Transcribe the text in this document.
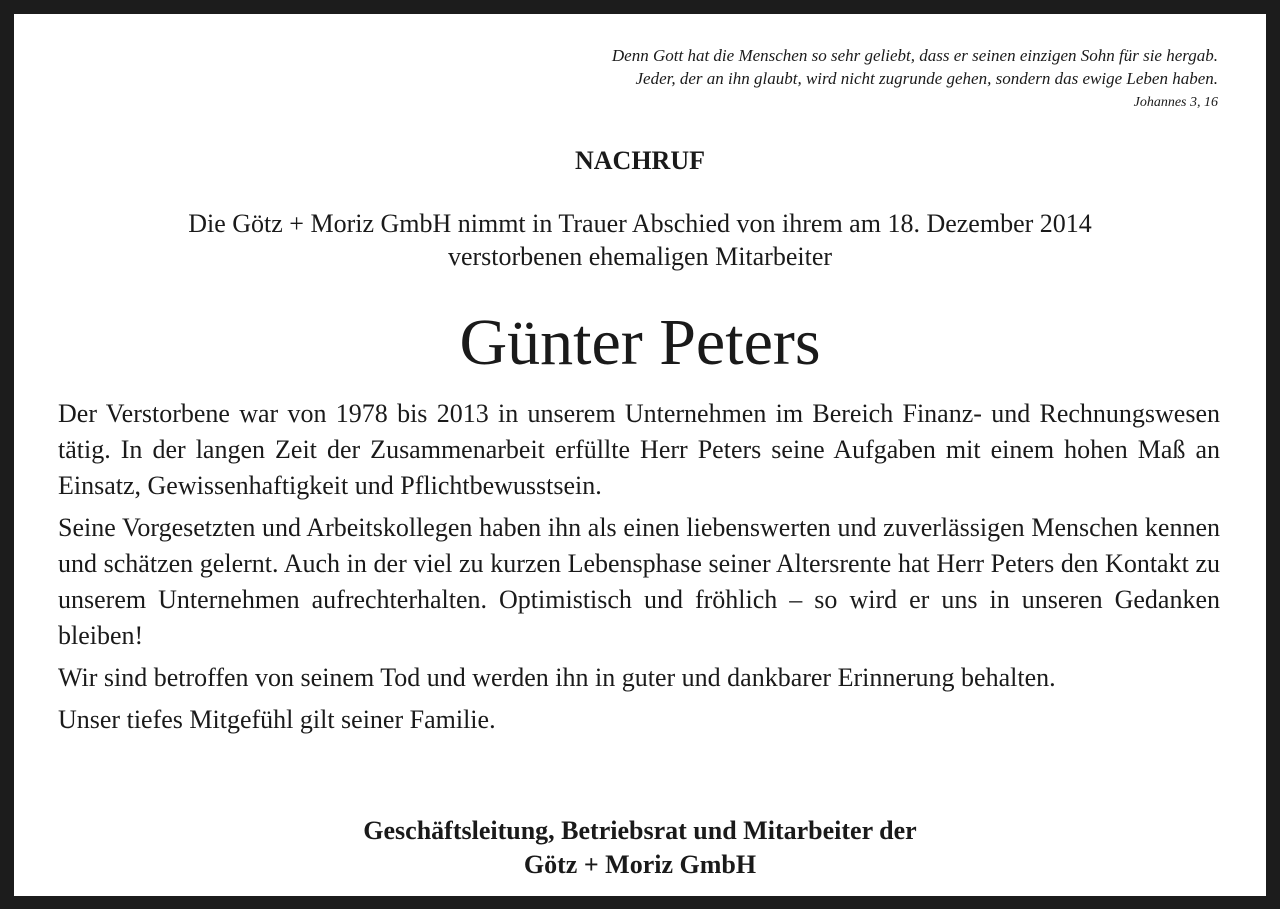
Denn Gott hat die Menschen so sehr geliebt, dass er seinen einzigen Sohn für sie hergab.
Jeder, der an ihn glaubt, wird nicht zugrunde gehen, sondern das ewige Leben haben.
Johannes 3, 16
NACHRUF
Die Götz + Moriz GmbH nimmt in Trauer Abschied von ihrem am 18. Dezember 2014
verstorbenen ehemaligen Mitarbeiter
Günter Peters

Der Verstorbene war von 1978 bis 2013 in unserem Unternehmen im Bereich Finanz- und Rechnungswesen tätig. In der langen Zeit der Zusammenarbeit erfüllte Herr Peters seine Aufgaben mit einem hohen Maß an Einsatz, Gewissenhaftigkeit und Pflichtbewusstsein.

Seine Vorgesetzten und Arbeitskollegen haben ihn als einen liebenswerten und zuverlässigen Menschen kennen und schätzen gelernt. Auch in der viel zu kurzen Lebensphase seiner Altersrente hat Herr Peters den Kontakt zu unserem Unternehmen aufrechterhalten. Optimistisch und fröhlich – so wird er uns in unseren Gedanken bleiben!

Wir sind betroffen von seinem Tod und werden ihn in guter und dankbarer Erinnerung behalten.

Unser tiefes Mitgefühl gilt seiner Familie.

Geschäftsleitung, Betriebsrat und Mitarbeiter der
Götz + Moriz GmbH
